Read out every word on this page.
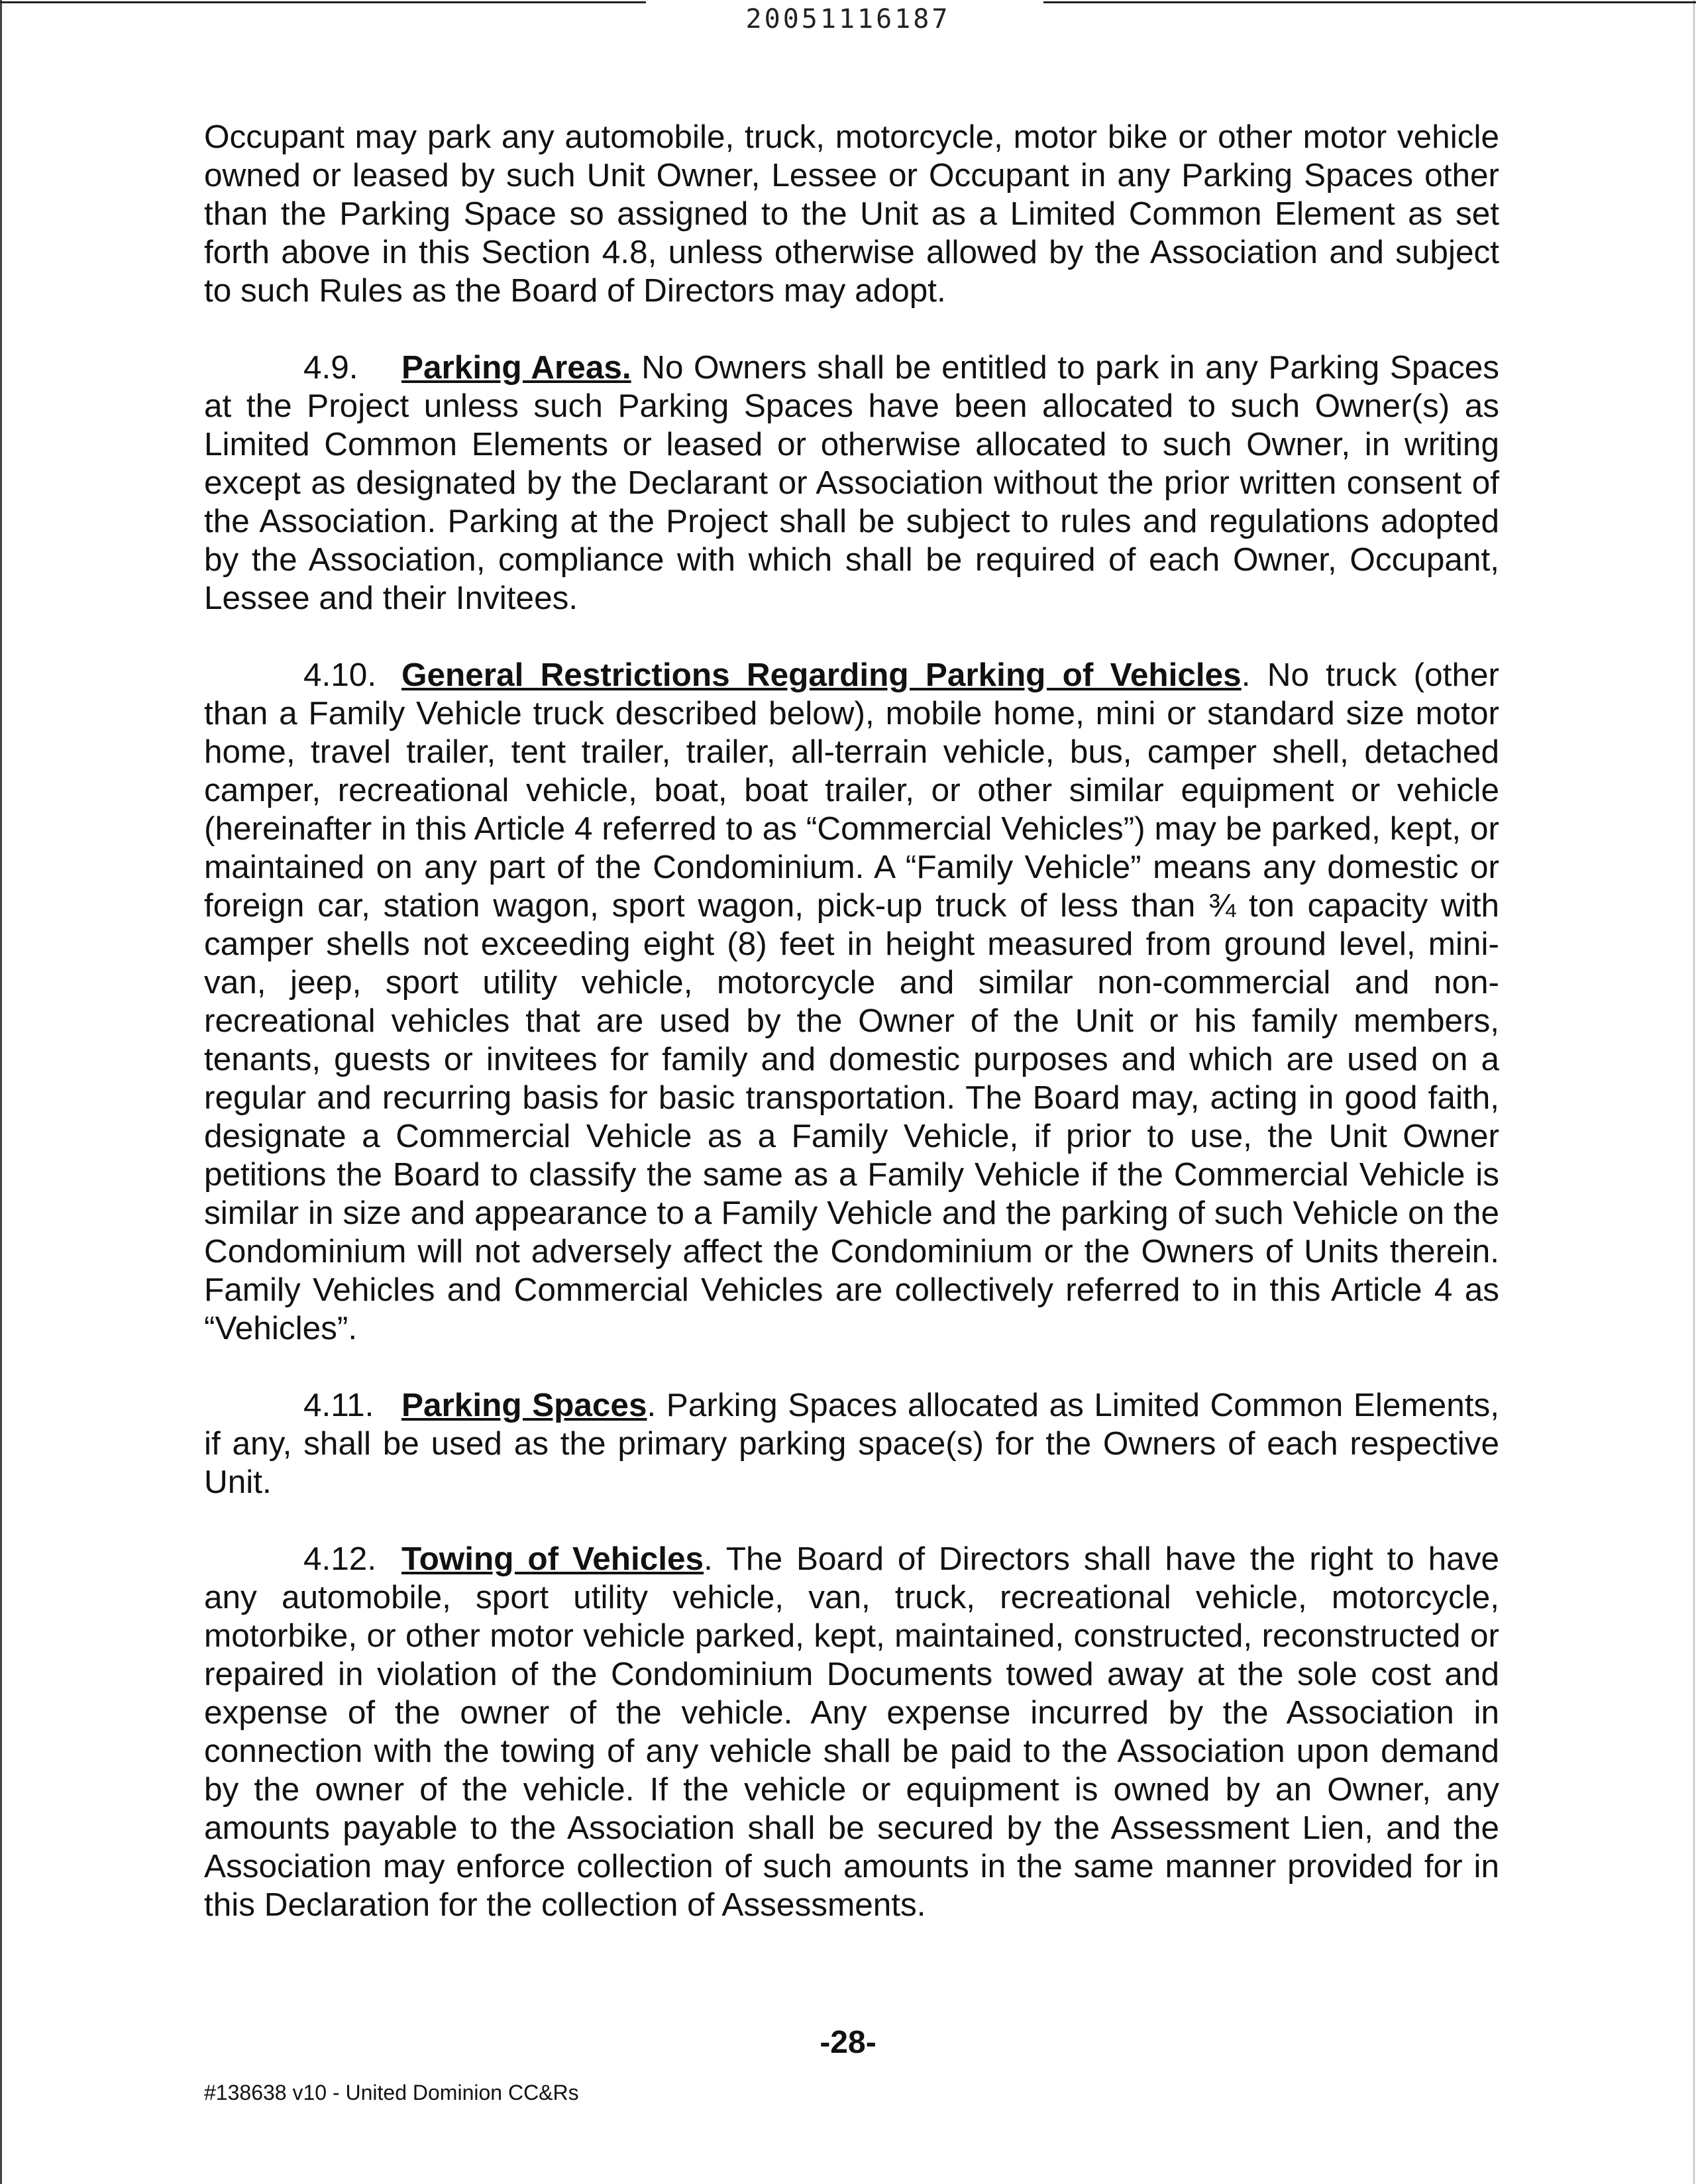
20051116187

Occupant may park any automobile, truck, motorcycle, motor bike or other motor vehicle owned or leased by such Unit Owner, Lessee or Occupant in any Parking Spaces other than the Parking Space so assigned to the Unit as a Limited Common Element as set forth above in this Section 4.8, unless otherwise allowed by the Association and subject to such Rules as the Board of Directors may adopt.

4.9. Parking Areas. No Owners shall be entitled to park in any Parking Spaces at the Project unless such Parking Spaces have been allocated to such Owner(s) as Limited Common Elements or leased or otherwise allocated to such Owner, in writing except as designated by the Declarant or Association without the prior written consent of the Association. Parking at the Project shall be subject to rules and regulations adopted by the Association, compliance with which shall be required of each Owner, Occupant, Lessee and their Invitees.

4.10. General Restrictions Regarding Parking of Vehicles. No truck (other than a Family Vehicle truck described below), mobile home, mini or standard size motor home, travel trailer, tent trailer, trailer, all-terrain vehicle, bus, camper shell, detached camper, recreational vehicle, boat, boat trailer, or other similar equipment or vehicle (hereinafter in this Article 4 referred to as “Commercial Vehicles”) may be parked, kept, or maintained on any part of the Condominium. A “Family Vehicle” means any domestic or foreign car, station wagon, sport wagon, pick-up truck of less than ¾ ton capacity with camper shells not exceeding eight (8) feet in height measured from ground level, mini-van, jeep, sport utility vehicle, motorcycle and similar non-commercial and non-recreational vehicles that are used by the Owner of the Unit or his family members, tenants, guests or invitees for family and domestic purposes and which are used on a regular and recurring basis for basic transportation. The Board may, acting in good faith, designate a Commercial Vehicle as a Family Vehicle, if prior to use, the Unit Owner petitions the Board to classify the same as a Family Vehicle if the Commercial Vehicle is similar in size and appearance to a Family Vehicle and the parking of such Vehicle on the Condominium will not adversely affect the Condominium or the Owners of Units therein. Family Vehicles and Commercial Vehicles are collectively referred to in this Article 4 as “Vehicles”.

4.11. Parking Spaces. Parking Spaces allocated as Limited Common Elements, if any, shall be used as the primary parking space(s) for the Owners of each respective Unit.

4.12. Towing of Vehicles. The Board of Directors shall have the right to have any automobile, sport utility vehicle, van, truck, recreational vehicle, motorcycle, motorbike, or other motor vehicle parked, kept, maintained, constructed, reconstructed or repaired in violation of the Condominium Documents towed away at the sole cost and expense of the owner of the vehicle. Any expense incurred by the Association in connection with the towing of any vehicle shall be paid to the Association upon demand by the owner of the vehicle. If the vehicle or equipment is owned by an Owner, any amounts payable to the Association shall be secured by the Assessment Lien, and the Association may enforce collection of such amounts in the same manner provided for in this Declaration for the collection of Assessments.

-28-
#138638 v10 - United Dominion CC&Rs
